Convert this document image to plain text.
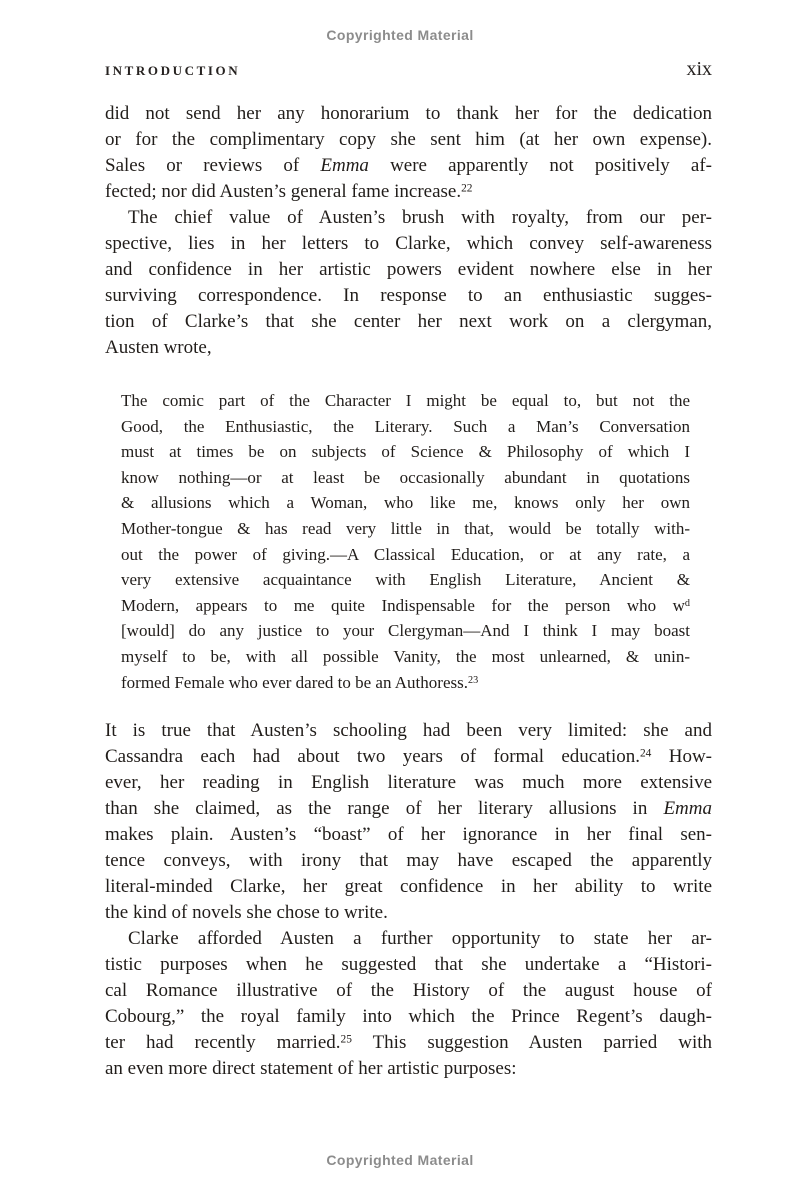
Copyrighted Material
INTRODUCTION	xix
did not send her any honorarium to thank her for the dedication
or for the complimentary copy she sent him (at her own expense).
Sales or reviews of Emma were apparently not positively af-
fected; nor did Austen’s general fame increase.$^{22}$
The chief value of Austen’s brush with royalty, from our per-
spective, lies in her letters to Clarke, which convey self-awareness
and confidence in her artistic powers evident nowhere else in her
surviving correspondence. In response to an enthusiastic sugges-
tion of Clarke’s that she center her next work on a clergyman,
Austen wrote,
The comic part of the Character I might be equal to, but not the
Good, the Enthusiastic, the Literary. Such a Man’s Conversation
must at times be on subjects of Science & Philosophy of which I
know nothing—or at least be occasionally abundant in quotations
& allusions which a Woman, who like me, knows only her own
Mother-tongue & has read very little in that, would be totally with-
out the power of giving.—A Classical Education, or at any rate, a
very extensive acquaintance with English Literature, Ancient &
Modern, appears to me quite Indispensable for the person who $w^d$
[would] do any justice to your Clergyman—And I think I may boast
myself to be, with all possible Vanity, the most unlearned, & unin-
formed Female who ever dared to be an Authoress.$^{23}$
It is true that Austen’s schooling had been very limited: she and
Cassandra each had about two years of formal education.$^{24}$ How-
ever, her reading in English literature was much more extensive
than she claimed, as the range of her literary allusions in Emma
makes plain. Austen’s “boast” of her ignorance in her final sen-
tence conveys, with irony that may have escaped the apparently
literal-minded Clarke, her great confidence in her ability to write
the kind of novels she chose to write.
Clarke afforded Austen a further opportunity to state her ar-
tistic purposes when he suggested that she undertake a “Histori-
cal Romance illustrative of the History of the august house of
Cobourg,” the royal family into which the Prince Regent’s daugh-
ter had recently married.$^{25}$ This suggestion Austen parried with
an even more direct statement of her artistic purposes:
Copyrighted Material
